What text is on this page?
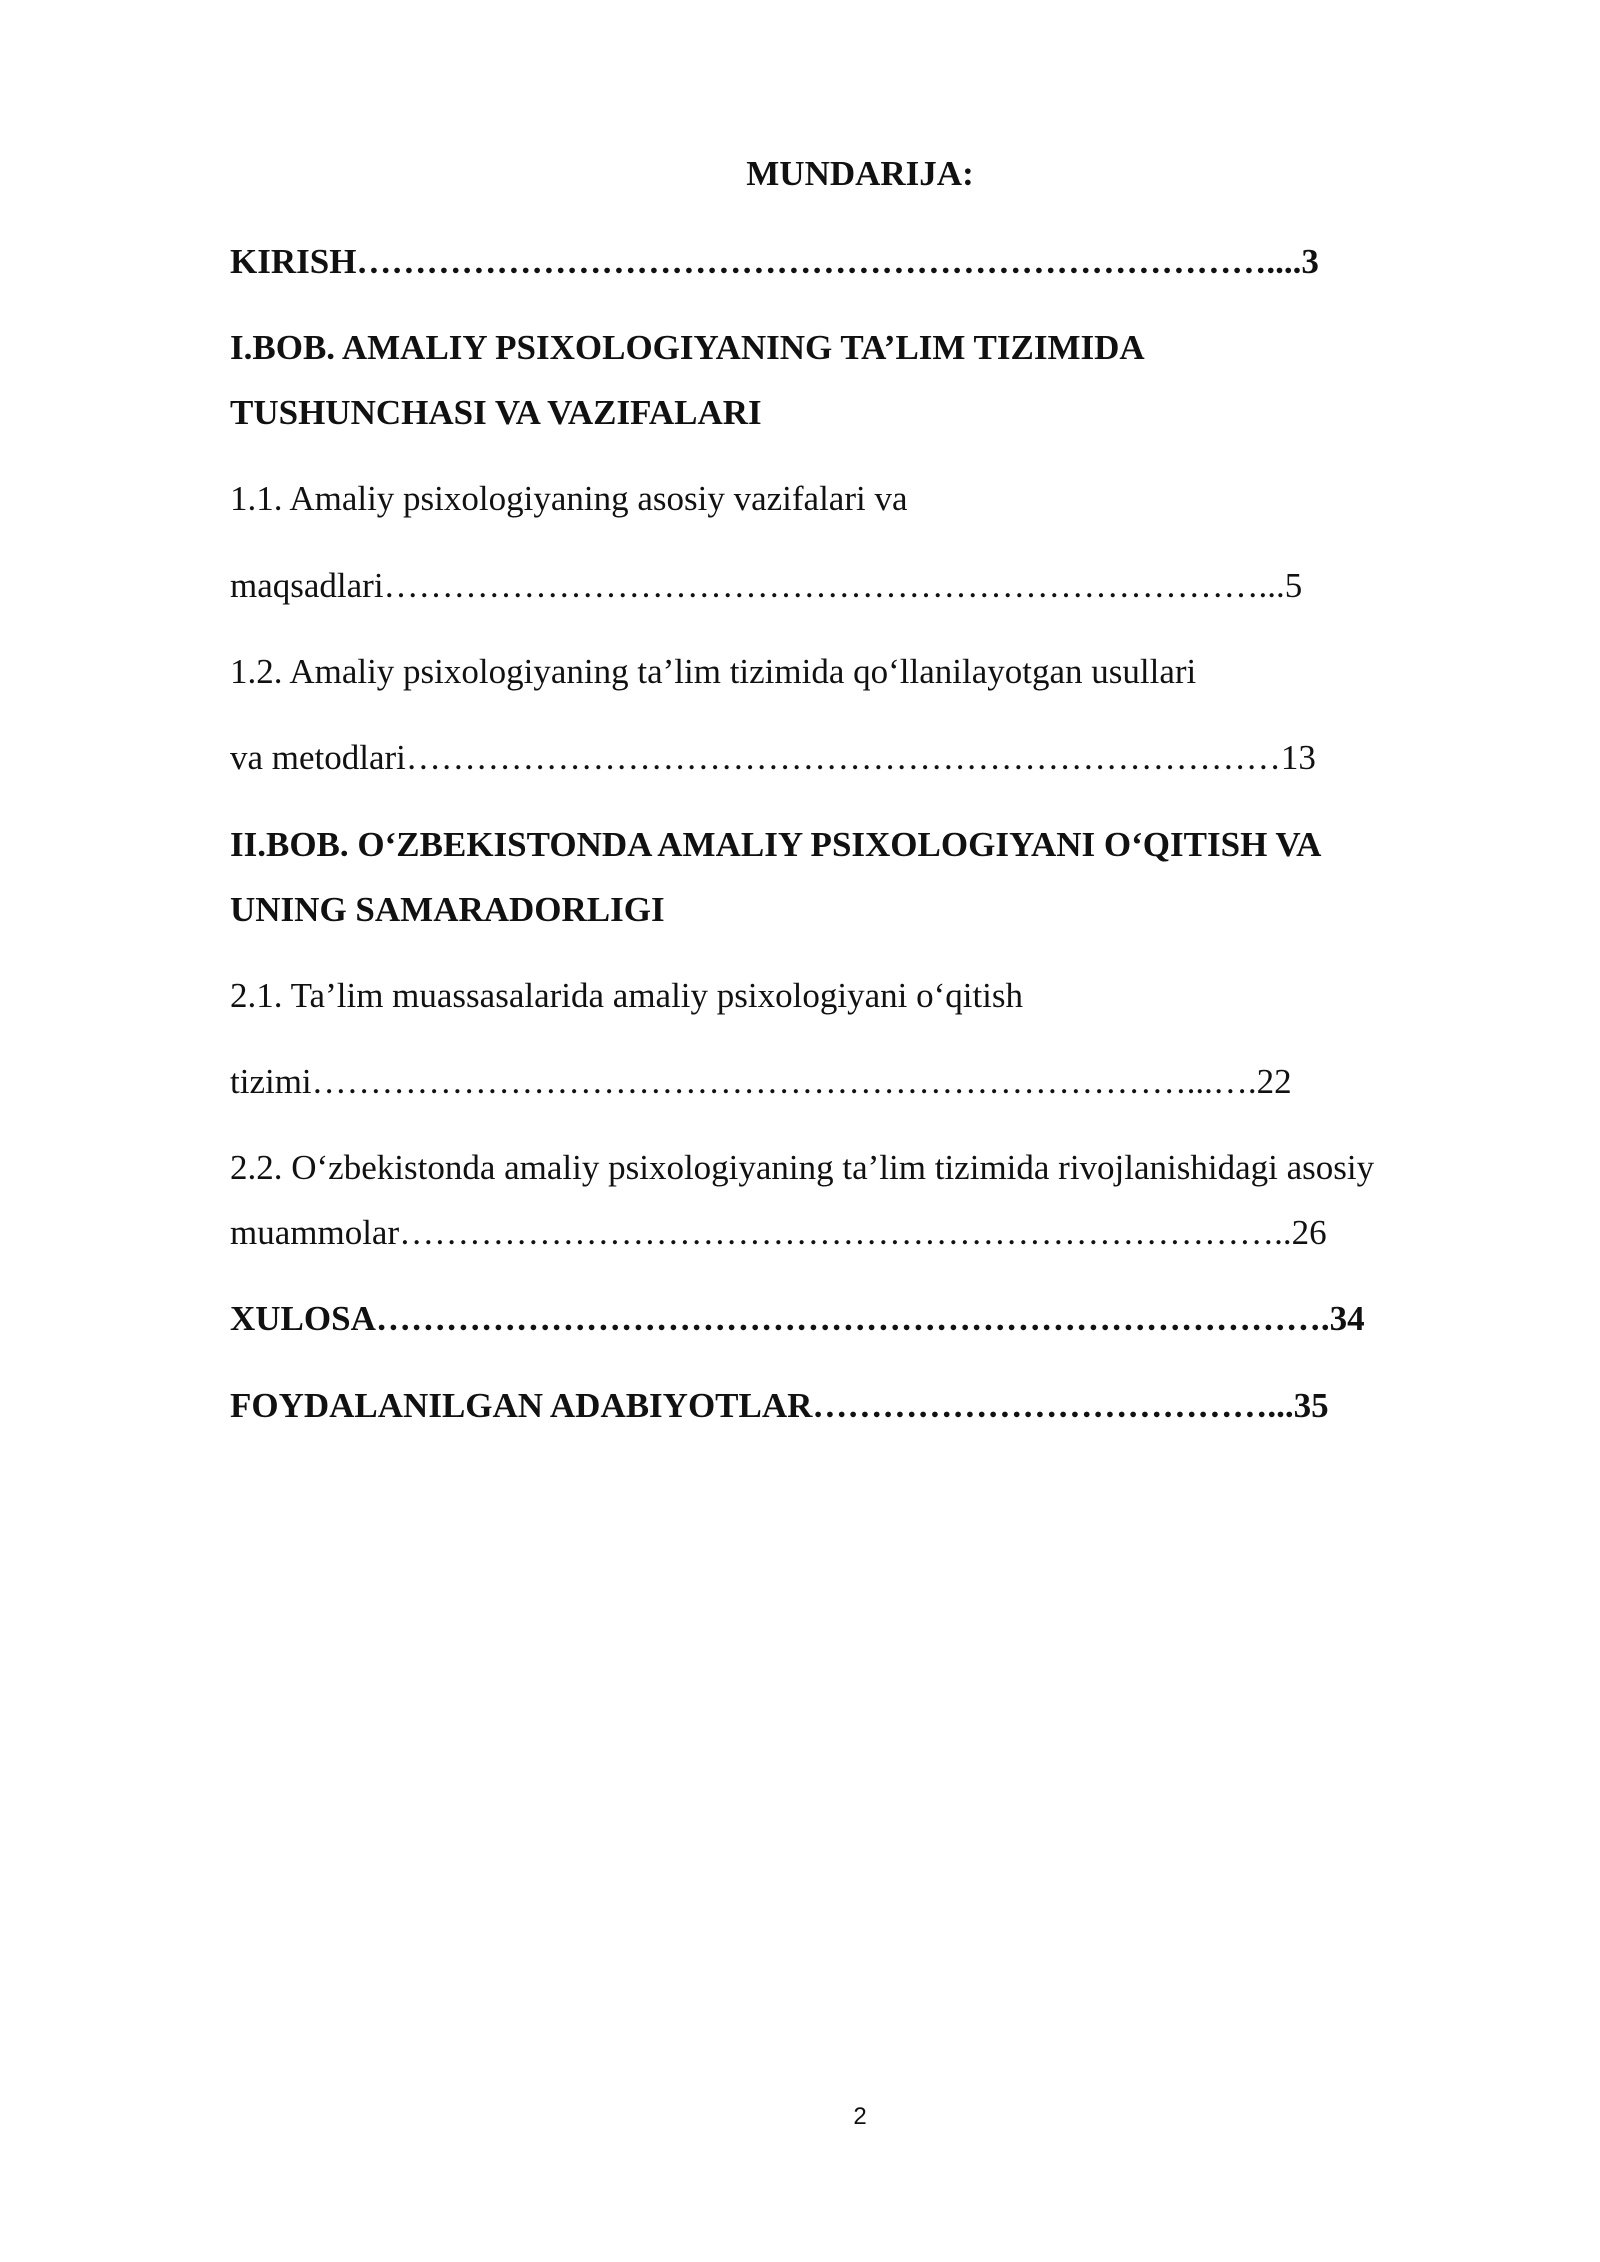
MUNDARIJA:

KIRISH……………………………………………………………………....3

I.BOB. AMALIY PSIXOLOGIYANING TA’LIM TIZIMIDA

TUSHUNCHASI VA VAZIFALARI

1.1. Amaliy psixologiyaning asosiy vazifalari va

maqsadlari…………………………………………………………………...5

1.2. Amaliy psixologiyaning ta’lim tizimida qo‘llanilayotgan usullari

va metodlari…………………………………………………………………13

II.BOB. O‘ZBEKISTONDA AMALIY PSIXOLOGIYANI O‘QITISH VA

UNING SAMARADORLIGI

2.1. Ta’lim muassasalarida amaliy psixologiyani o‘qitish

tizimi…………………………………………………………………...….22

2.2. O‘zbekistonda amaliy psixologiyaning ta’lim tizimida rivojlanishidagi asosiy

muammolar…………………………………………………………………..26

XULOSA……………………………………………………………………….34

FOYDALANILGAN ADABIYOTLAR…………………………………...35

2
